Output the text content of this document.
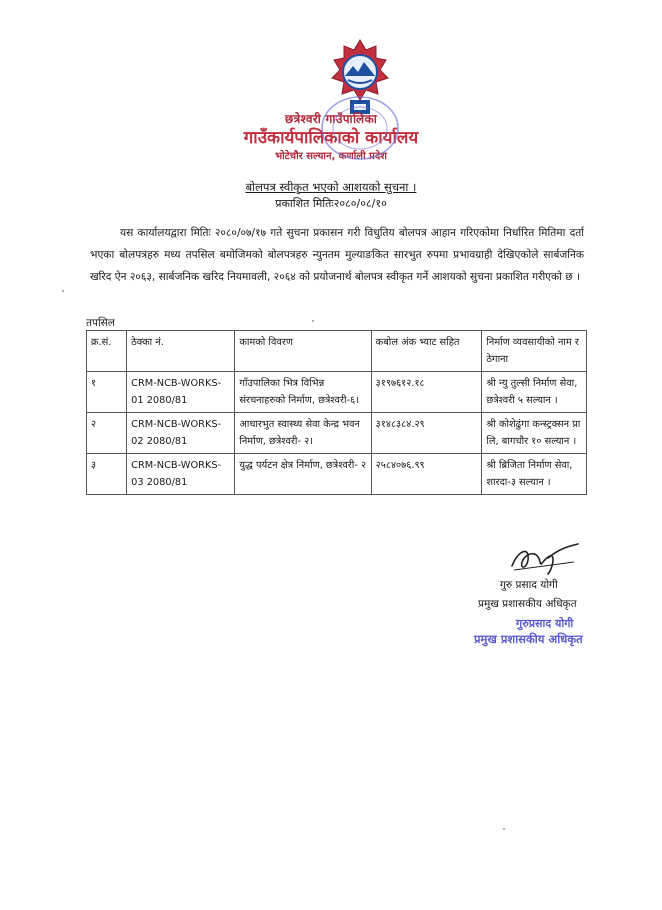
छत्रेश्वरी गाउँपालिका
गाउँकार्यपालिकाको कार्यालय
भोटेचौर सल्यान, कर्णाली प्रदेश
बोलपत्र स्वीकृत भएको आशयको सुचना ।
प्रकाशित मितिः२०८०/०८/१०
यस कार्यालयद्वारा मितिः २०८०/०७/१७ गते सुचना प्रकासन गरी विधुतिय बोलपत्र आहान गरिएकोमा निर्धारित मितिमा दर्ता भएका बोलपत्रहरु मध्य तपसिल बमोजिमको बोलपत्रहरु न्युनतम मुल्याङकित सारभुत रुपमा प्रभावग्राही देखिएकोले सार्बजनिक खरिद ऐन २०६३, सार्बजनिक खरिद नियमावली, २०६४ को प्रयोजनार्थ बोलपत्र स्वीकृत गर्ने आशयको सुचना प्रकाशित गरीएको छ ।
तपसिल
क्र.सं.	ठेक्का नं.	कामको विवरण	कबोल अंक भ्याट सहित	निर्माण व्यवसायीको नाम र ठेगाना
१	CRM-NCB-WORKS-01 2080/81	गाँउपालिका भित्र विभिन्न संरचनाहरुको निर्माण, छत्रेश्वरी-६।	३१९७६१२.१८	श्री न्यु तुल्सी निर्माण सेवा, छत्रेश्वरी ५ सल्यान ।
२	CRM-NCB-WORKS-02 2080/81	आधारभुत स्वास्थ्य सेवा केन्द्र भवन निर्माण, छत्रेश्वरी- २।	३१४८३८४.२९	श्री कोशेढुंगा कन्स्ट्रक्सन प्रा लि, बागचौर १० सल्यान ।
३	CRM-NCB-WORKS-03 2080/81	युद्ध पर्यटन क्षेत्र निर्माण, छत्रेश्वरी- २	२५८४०७६.९९	श्री ब्रिजिता निर्माण सेवा, शारदा-३ सल्यान ।
गुरु प्रसाद योगी
प्रमुख प्रशासकीय अधिकृत
गुरुप्रसाद योगी
प्रमुख प्रशासकीय अधिकृत
